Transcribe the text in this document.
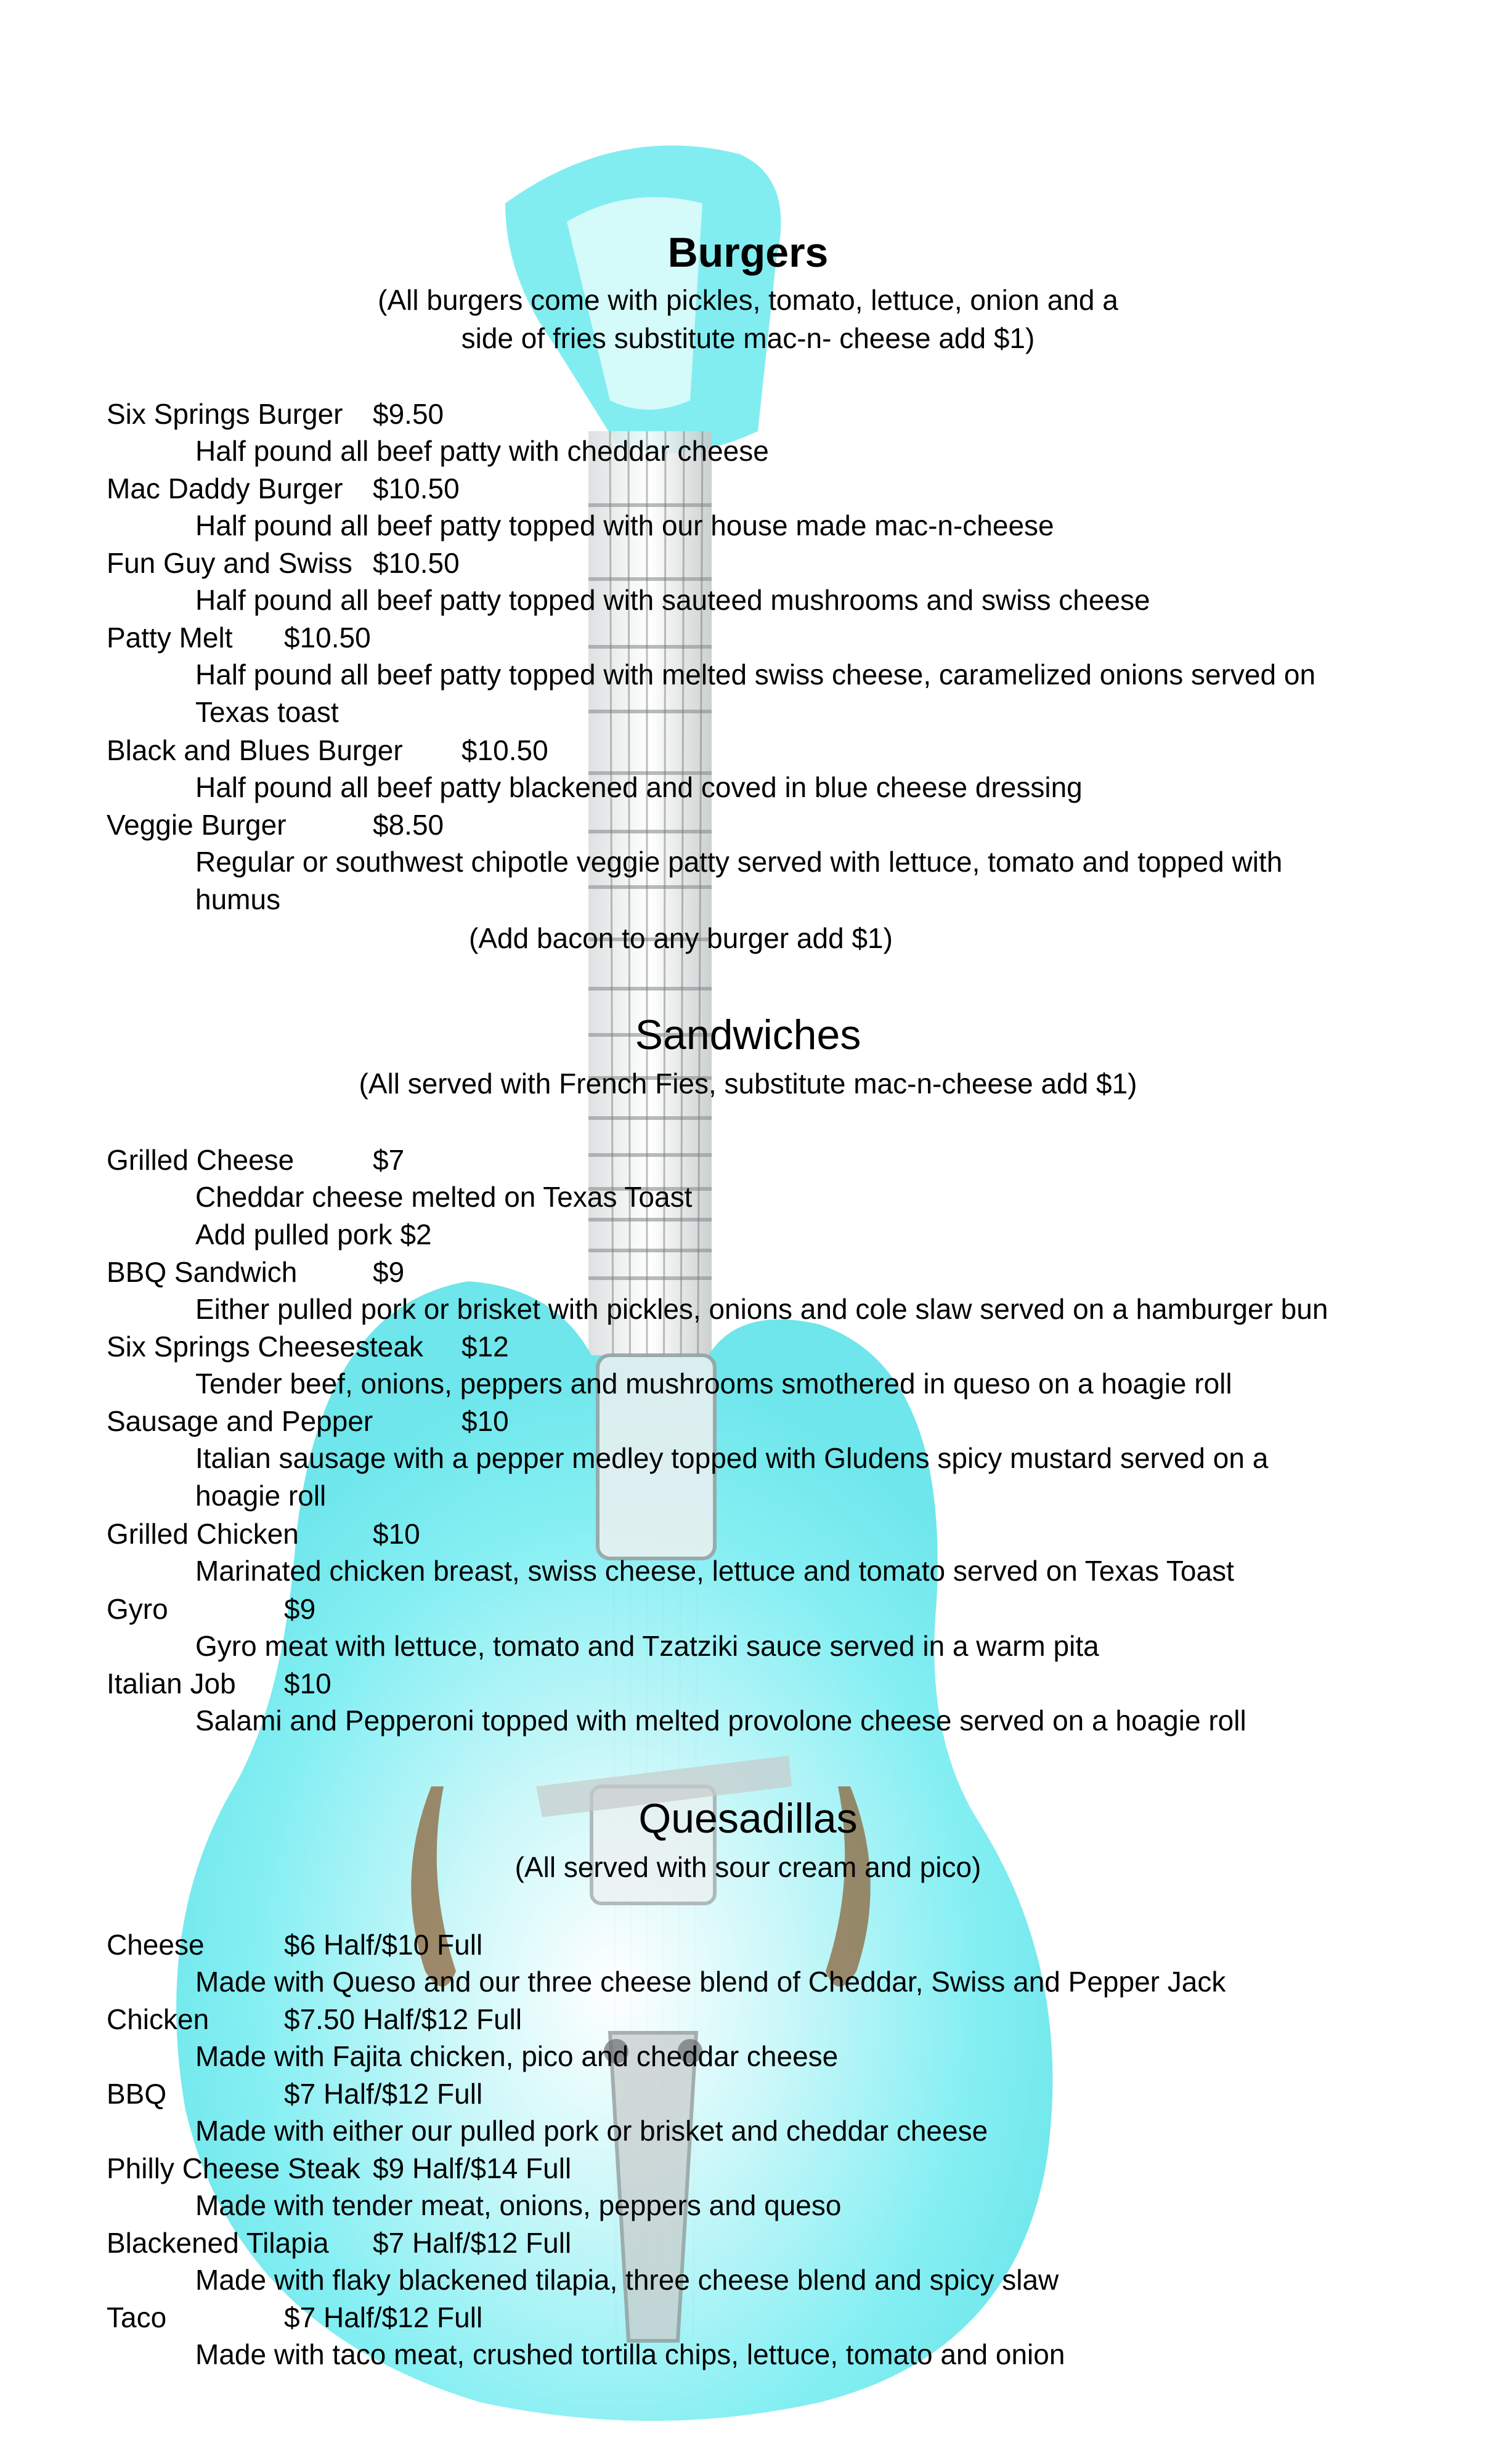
Burgers
(All burgers come with pickles, tomato, lettuce, onion and a
side of fries substitute mac-n- cheese add $1)
Six Springs Burger $9.50
Half pound all beef patty with cheddar cheese
Mac Daddy Burger $10.50
Half pound all beef patty topped with our house made mac-n-cheese
Fun Guy and Swiss $10.50
Half pound all beef patty topped with sauteed mushrooms and swiss cheese
Patty Melt $10.50
Half pound all beef patty topped with melted swiss cheese, caramelized onions served on
Texas toast
Black and Blues Burger $10.50
Half pound all beef patty blackened and coved in blue cheese dressing
Veggie Burger	$8.50
Regular or southwest chipotle veggie patty served with lettuce, tomato and topped with
humus
(Add bacon to any burger add $1)
Sandwiches
(All served with French Fies, substitute mac-n-cheese add $1)
Grilled Cheese	$7
Cheddar cheese melted on Texas Toast
Add pulled pork $2
BBQ Sandwich	$9
Either pulled pork or brisket with pickles, onions and cole slaw served on a hamburger bun
Six Springs Cheesesteak $12
Tender beef, onions, peppers and mushrooms smothered in queso on a hoagie roll
Sausage and Pepper	$10
Italian sausage with a pepper medley topped with Gludens spicy mustard served on a
hoagie roll
Grilled Chicken	$10
Marinated chicken breast, swiss cheese, lettuce and tomato served on Texas Toast
Gyro	$9
Gyro meat with lettuce, tomato and Tzatziki sauce served in a warm pita
Italian Job $10
Salami and Pepperoni topped with melted provolone cheese served on a hoagie roll
Quesadillas
(All served with sour cream and pico)
Cheese	$6 Half/$10 Full
Made with Queso and our three cheese blend of Cheddar, Swiss and Pepper Jack
Chicken	$7.50 Half/$12 Full
Made with Fajita chicken, pico and cheddar cheese
BBQ	$7 Half/$12 Full
Made with either our pulled pork or brisket and cheddar cheese
Philly Cheese Steak $9 Half/$14 Full
Made with tender meat, onions, peppers and queso
Blackened Tilapia $7 Half/$12 Full
Made with flaky blackened tilapia, three cheese blend and spicy slaw
Taco	$7 Half/$12 Full
Made with taco meat, crushed tortilla chips, lettuce, tomato and onion
